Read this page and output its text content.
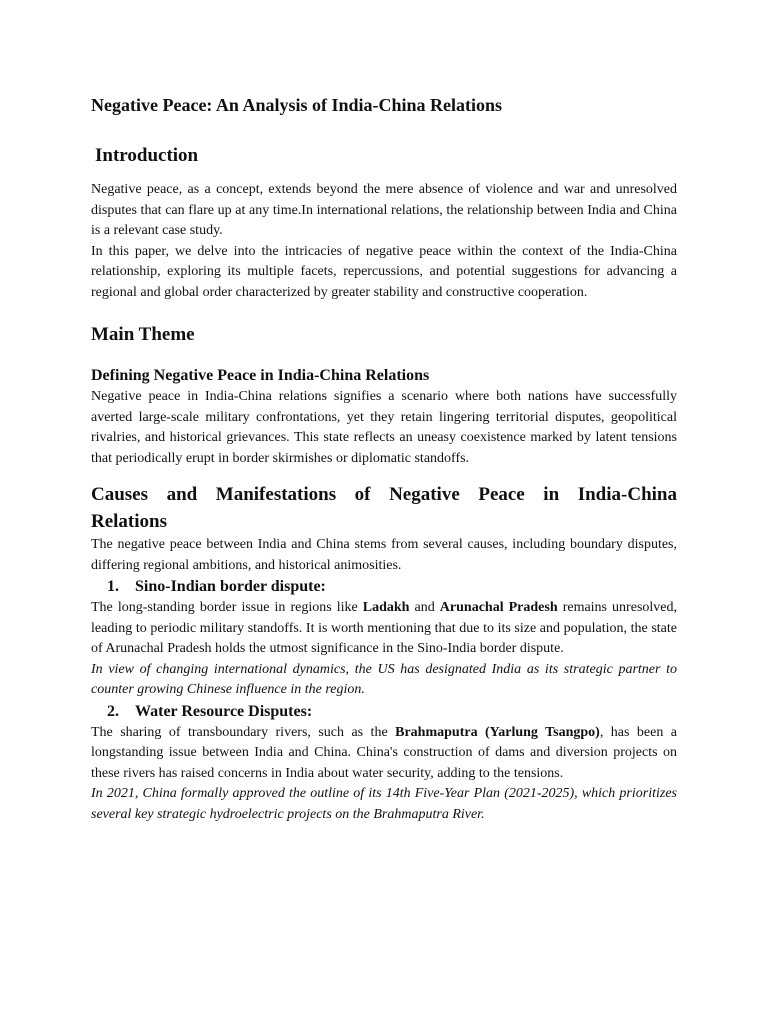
Negative Peace: An Analysis of India-China Relations
Introduction

Negative peace, as a concept, extends beyond the mere absence of violence and war and unresolved disputes that can flare up at any time.In international relations, the relationship between India and China is a relevant case study.

In this paper, we delve into the intricacies of negative peace within the context of the India-China relationship, exploring its multiple facets, repercussions, and potential suggestions for advancing a regional and global order characterized by greater stability and constructive cooperation.

Main Theme
Defining Negative Peace in India-China Relations

Negative peace in India-China relations signifies a scenario where both nations have successfully averted large-scale military confrontations, yet they retain lingering territorial disputes, geopolitical rivalries, and historical grievances. This state reflects an uneasy coexistence marked by latent tensions that periodically erupt in border skirmishes or diplomatic standoffs.

Causes and Manifestations of Negative Peace in India-China Relations

The negative peace between India and China stems from several causes, including boundary disputes, differing regional ambitions, and historical animosities.

1. Sino-Indian border dispute:

The long-standing border issue in regions like Ladakh and Arunachal Pradesh remains unresolved, leading to periodic military standoffs. It is worth mentioning that due to its size and population, the state of Arunachal Pradesh holds the utmost significance in the Sino-India border dispute.

In view of changing international dynamics, the US has designated India as its strategic partner to counter growing Chinese influence in the region.

2. Water Resource Disputes:

The sharing of transboundary rivers, such as the Brahmaputra (Yarlung Tsangpo), has been a longstanding issue between India and China. China's construction of dams and diversion projects on these rivers has raised concerns in India about water security, adding to the tensions.

In 2021, China formally approved the outline of its 14th Five-Year Plan (2021-2025), which prioritizes several key strategic hydroelectric projects on the Brahmaputra River.
